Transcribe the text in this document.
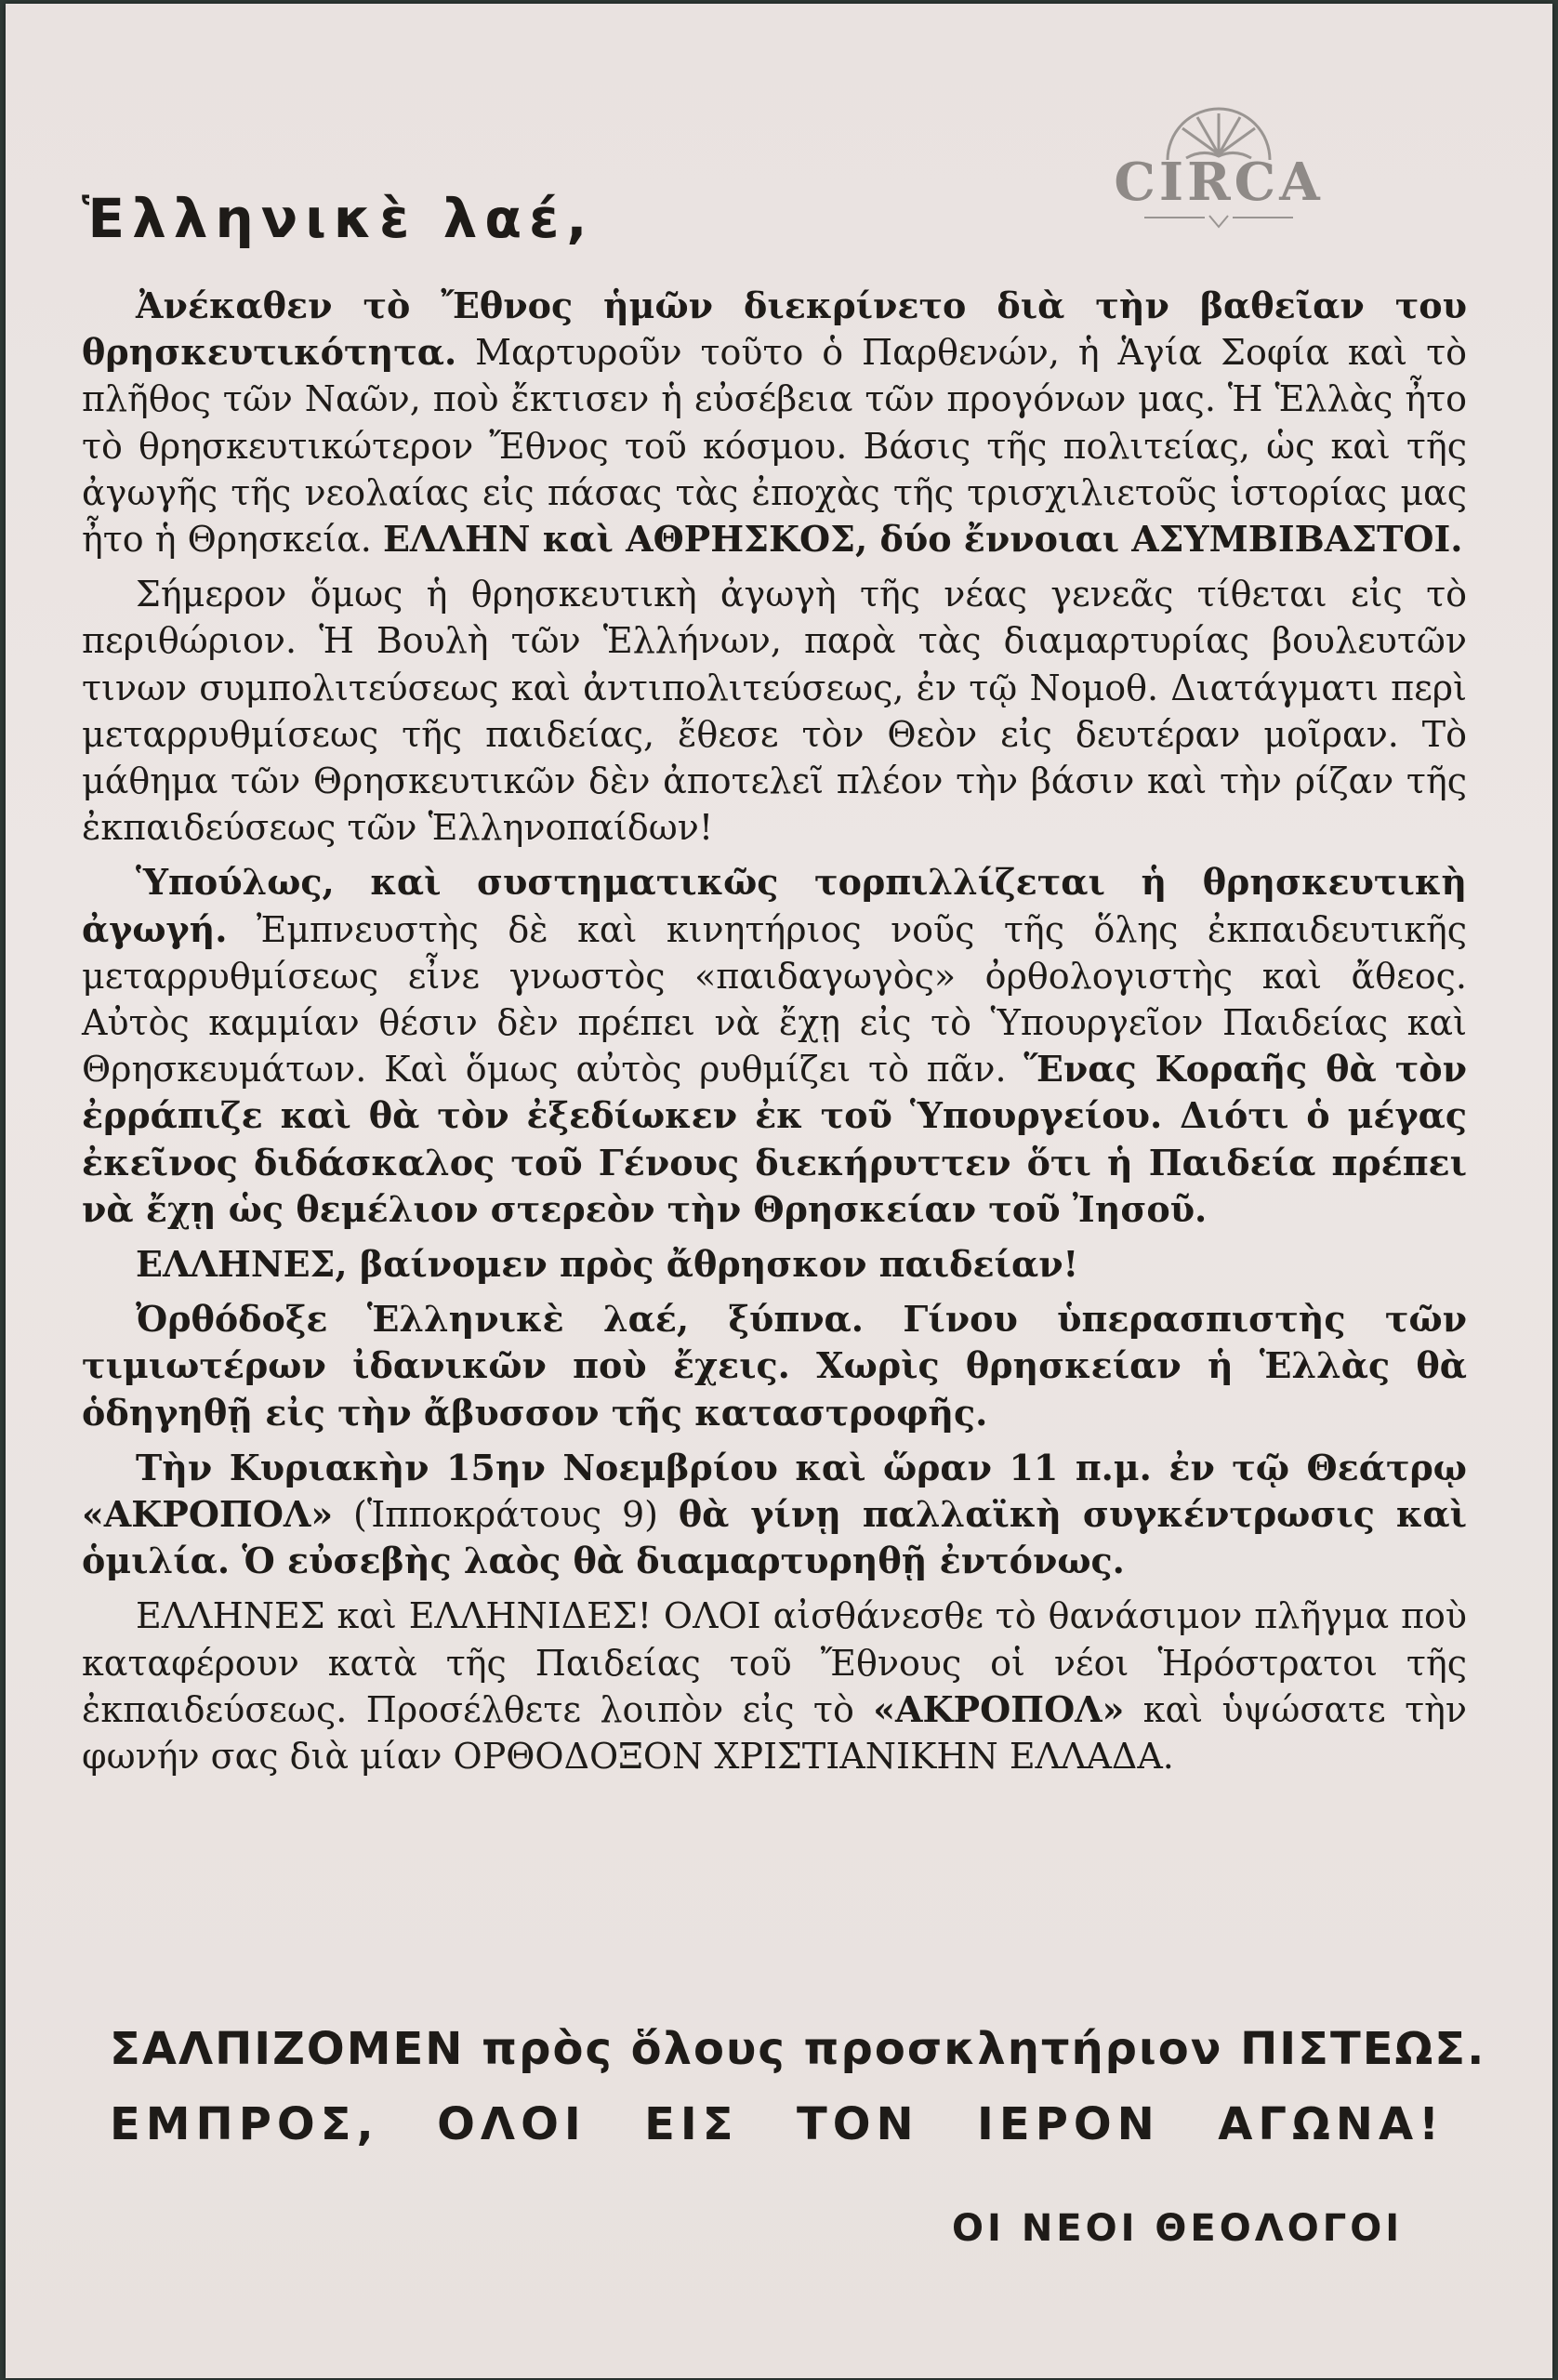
CIRCA
Ἑλληνικὲ λαέ,

Ἀνέκαθεν τὸ Ἔθνος ἡμῶν διεκρίνετο διὰ τὴν βαθεῖαν του θρησκευτικότητα. Μαρτυροῦν τοῦτο ὁ Παρθενών, ἡ Ἁγία Σοφία καὶ τὸ πλῆθος τῶν Ναῶν, ποὺ ἔκτισεν ἡ εὐσέβεια τῶν προγόνων μας. Ἡ Ἑλλὰς ἦτο τὸ θρησκευτικώτερον Ἔθνος τοῦ κόσμου. Βάσις τῆς πολιτείας, ὡς καὶ τῆς ἀγωγῆς τῆς νεολαίας εἰς πάσας τὰς ἐποχὰς τῆς τρισχιλιετοῦς ἱστορίας μας ἦτο ἡ Θρησκεία. ΕΛΛΗΝ καὶ ΑΘΡΗΣΚΟΣ, δύο ἔννοιαι ΑΣΥΜΒΙΒΑΣΤΟΙ.

Σήμερον ὅμως ἡ θρησκευτικὴ ἀγωγὴ τῆς νέας γενεᾶς τίθεται εἰς τὸ περιθώριον. Ἡ Βουλὴ τῶν Ἑλλήνων, παρὰ τὰς διαμαρτυρίας βουλευτῶν τινων συμπολιτεύσεως καὶ ἀντιπολιτεύσεως, ἐν τῷ Νομοθ. Διατάγματι περὶ μεταρρυθμίσεως τῆς παιδείας, ἔθεσε τὸν Θεὸν εἰς δευτέραν μοῖραν. Τὸ μάθημα τῶν Θρησκευτικῶν δὲν ἀποτελεῖ πλέον τὴν βάσιν καὶ τὴν ρίζαν τῆς ἐκπαιδεύσεως τῶν Ἑλληνοπαίδων!

Ὑπούλως, καὶ συστηματικῶς τορπιλλίζεται ἡ θρησκευτικὴ ἀγωγή. Ἐμπνευστὴς δὲ καὶ κινητήριος νοῦς τῆς ὅλης ἐκπαιδευτικῆς μεταρρυθμίσεως εἶνε γνωστὸς «παιδαγωγὸς» ὀρθολογιστὴς καὶ ἄθεος. Αὐτὸς καμμίαν θέσιν δὲν πρέπει νὰ ἔχῃ εἰς τὸ Ὑπουργεῖον Παιδείας καὶ Θρησκευμάτων. Καὶ ὅμως αὐτὸς ρυθμίζει τὸ πᾶν. Ἕνας Κοραῆς θὰ τὸν ἐρράπιζε καὶ θὰ τὸν ἐξεδίωκεν ἐκ τοῦ Ὑπουργείου. Διότι ὁ μέγας ἐκεῖνος διδάσκαλος τοῦ Γένους διεκήρυττεν ὅτι ἡ Παιδεία πρέπει νὰ ἔχῃ ὡς θεμέλιον στερεὸν τὴν Θρησκείαν τοῦ Ἰησοῦ.

ΕΛΛΗΝΕΣ, βαίνομεν πρὸς ἄθρησκον παιδείαν!

Ὀρθόδοξε Ἑλληνικὲ λαέ, ξύπνα. Γίνου ὑπερασπιστὴς τῶν τιμιωτέρων ἰδανικῶν ποὺ ἔχεις. Χωρὶς θρησκείαν ἡ Ἑλλὰς θὰ ὁδηγηθῇ εἰς τὴν ἄβυσσον τῆς καταστροφῆς.

Τὴν Κυριακὴν 15ην Νοεμβρίου καὶ ὥραν 11 π.μ. ἐν τῷ Θεάτρῳ «ΑΚΡΟΠΟΛ» (Ἱπποκράτους 9) θὰ γίνῃ παλλαϊκὴ συγκέντρωσις καὶ ὁμιλία. Ὁ εὐσεβὴς λαὸς θὰ διαμαρτυρηθῇ ἐντόνως.

ΕΛΛΗΝΕΣ καὶ ΕΛΛΗΝΙΔΕΣ! ΟΛΟΙ αἰσθάνεσθε τὸ θανάσιμον πλῆγμα ποὺ καταφέρουν κατὰ τῆς Παιδείας τοῦ Ἔθνους οἱ νέοι Ἡρόστρατοι τῆς ἐκπαιδεύσεως. Προσέλθετε λοιπὸν εἰς τὸ «ΑΚΡΟΠΟΛ» καὶ ὑψώσατε τὴν φωνήν σας διὰ μίαν ΟΡΘΟΔΟΞΟΝ ΧΡΙΣΤΙΑΝΙΚΗΝ ΕΛΛΑΔΑ.

ΣΑΛΠΙΖΟΜΕΝ πρὸς ὅλους προσκλητήριον ΠΙΣΤΕΩΣ.
ΕΜΠΡΟΣ, ΟΛΟΙ ΕΙΣ ΤΟΝ ΙΕΡΟΝ ΑΓΩΝΑ!
ΟΙ ΝΕΟΙ ΘΕΟΛΟΓΟΙ
